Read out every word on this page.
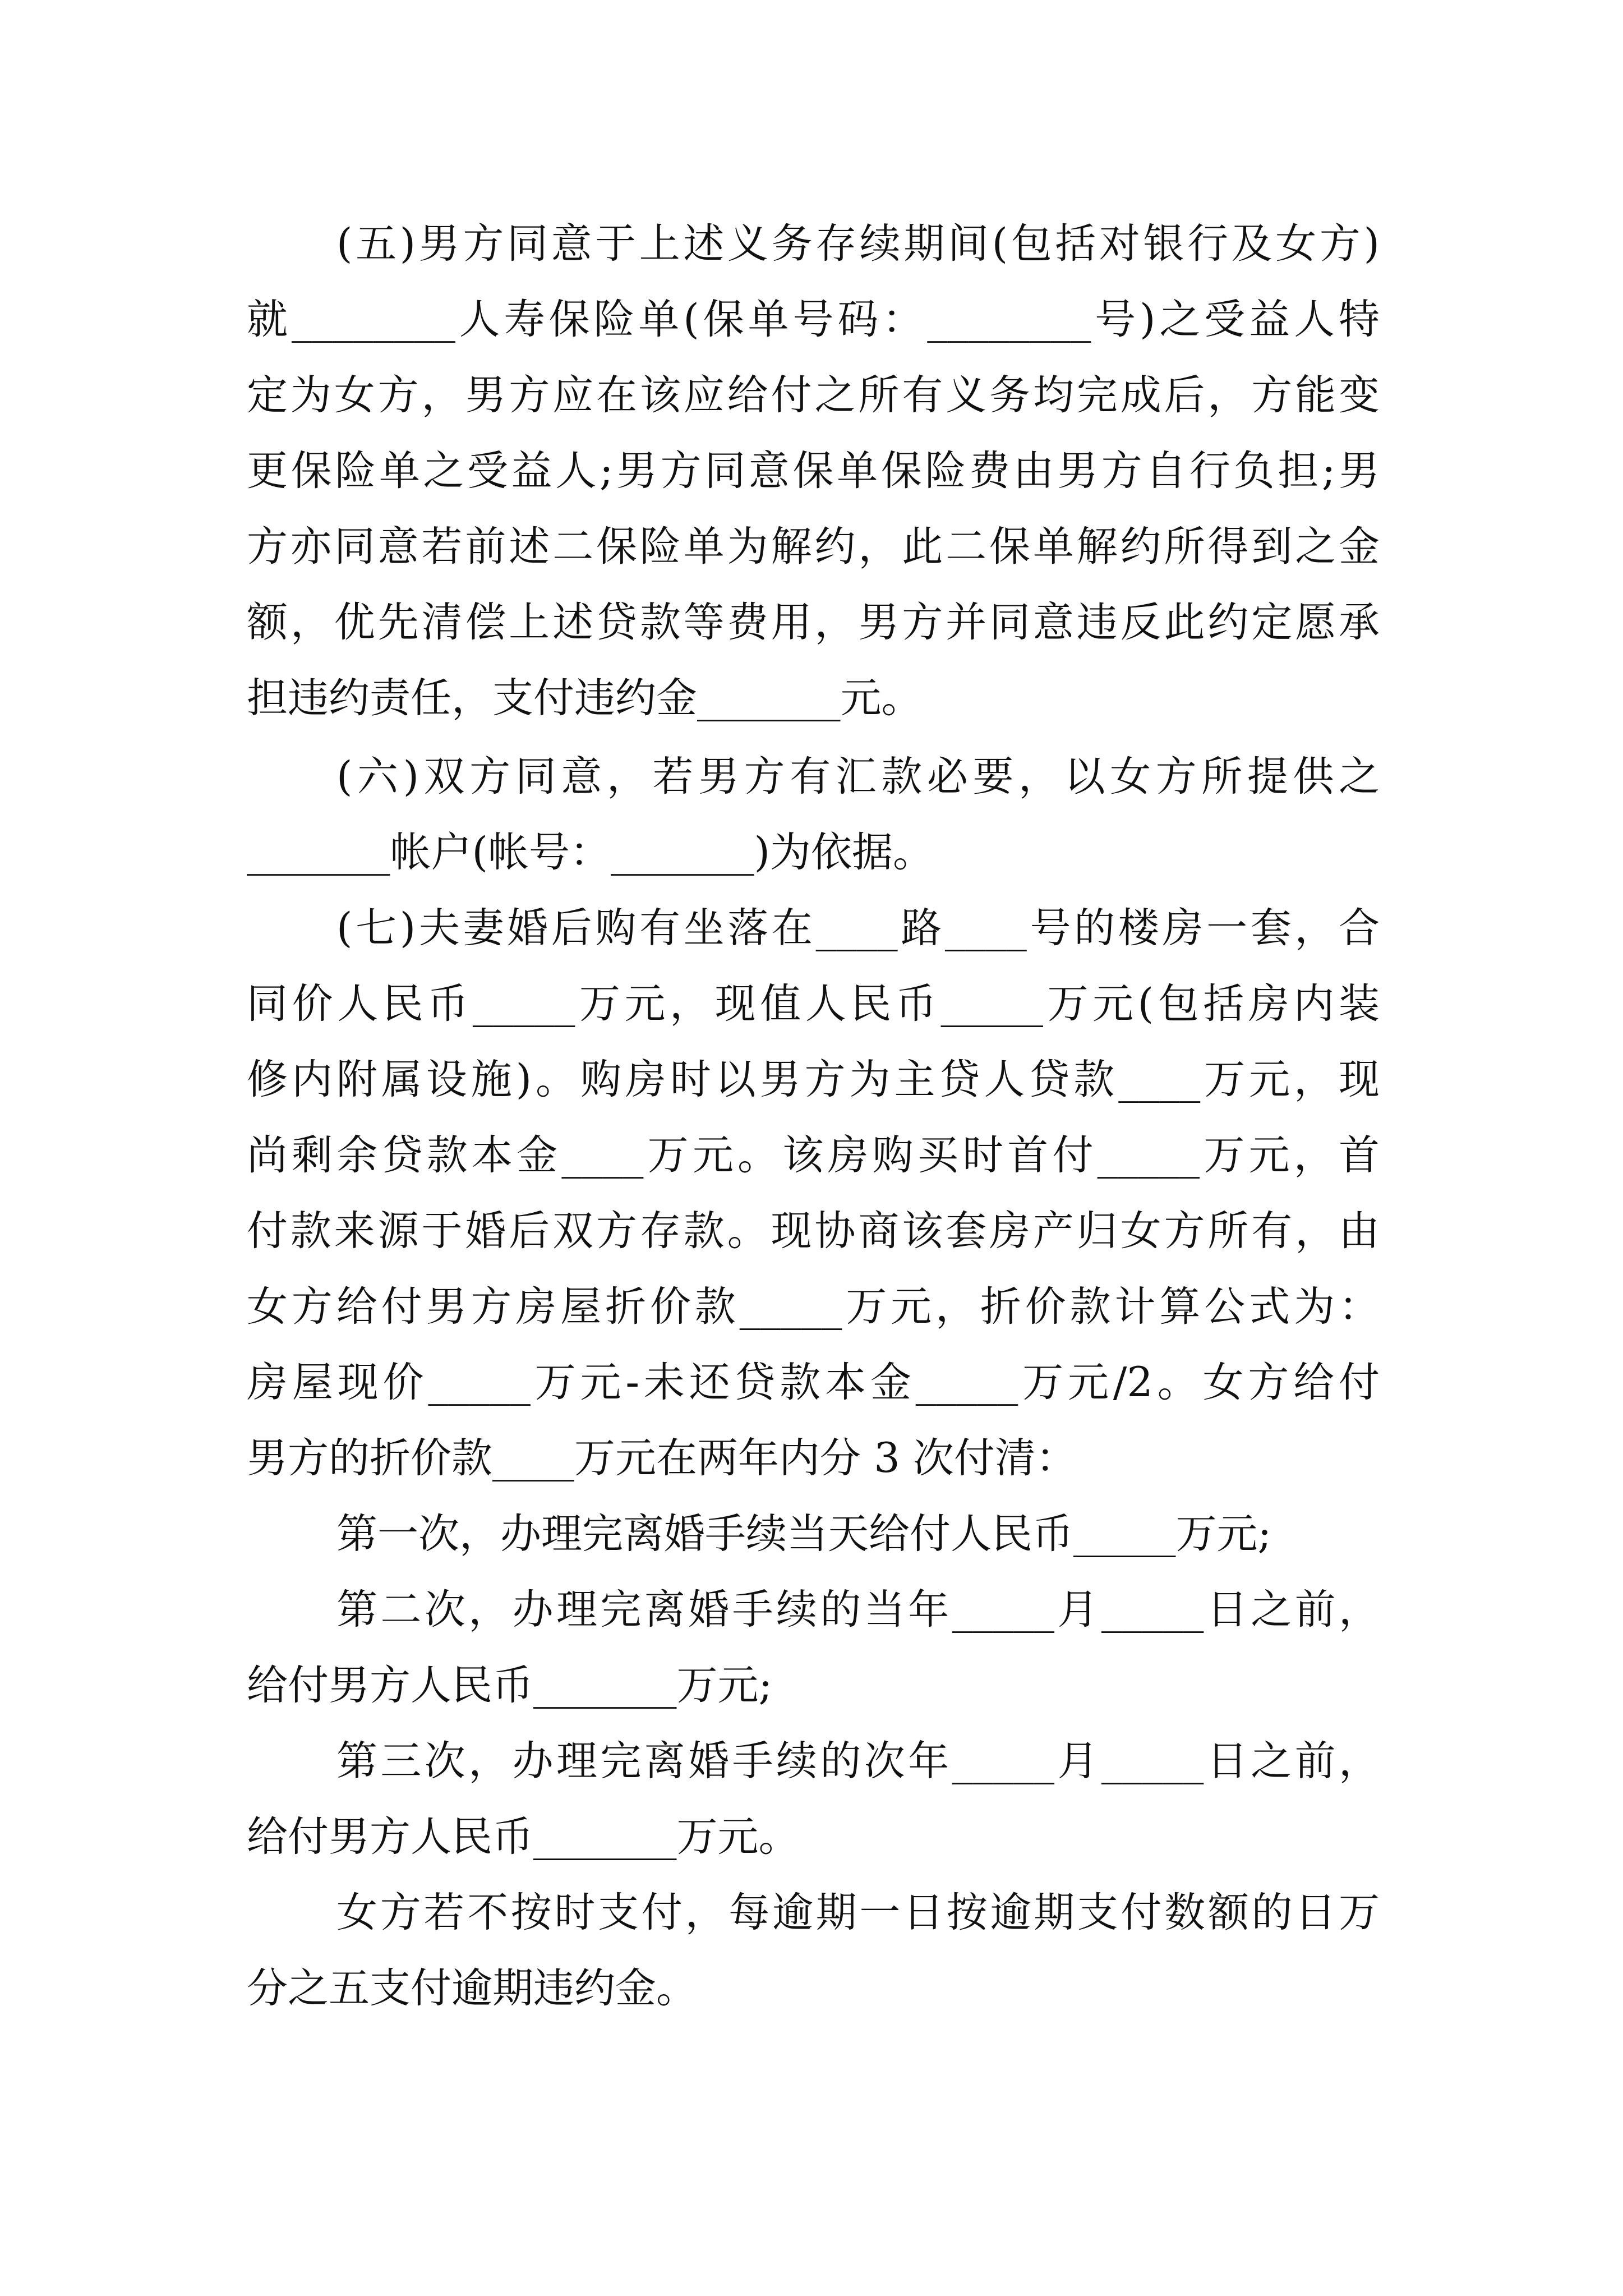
(五)男方同意于上述义务存续期间(包括对银行及女方)
就________人寿保险单(保单号码：________号)之受益人特
定为女方，男方应在该应给付之所有义务均完成后，方能变
更保险单之受益人;男方同意保单保险费由男方自行负担;男
方亦同意若前述二保险单为解约，此二保单解约所得到之金
额，优先清偿上述贷款等费用，男方并同意违反此约定愿承
担违约责任，支付违约金_______元。
(六)双方同意，若男方有汇款必要，以女方所提供之
_______帐户(帐号：_______)为依据。
(七)夫妻婚后购有坐落在____路____号的楼房一套，合
同价人民币_____万元，现值人民币_____万元(包括房内装
修内附属设施)。购房时以男方为主贷人贷款____万元，现
尚剩余贷款本金____万元。该房购买时首付_____万元，首
付款来源于婚后双方存款。现协商该套房产归女方所有，由
女方给付男方房屋折价款_____万元，折价款计算公式为：
房屋现价_____万元-未还贷款本金_____万元/2。女方给付
男方的折价款____万元在两年内分 3 次付清：
第一次，办理完离婚手续当天给付人民币_____万元;
第二次，办理完离婚手续的当年_____月_____日之前，
给付男方人民币_______万元;
第三次，办理完离婚手续的次年_____月_____日之前，
给付男方人民币_______万元。
女方若不按时支付，每逾期一日按逾期支付数额的日万
分之五支付逾期违约金。
